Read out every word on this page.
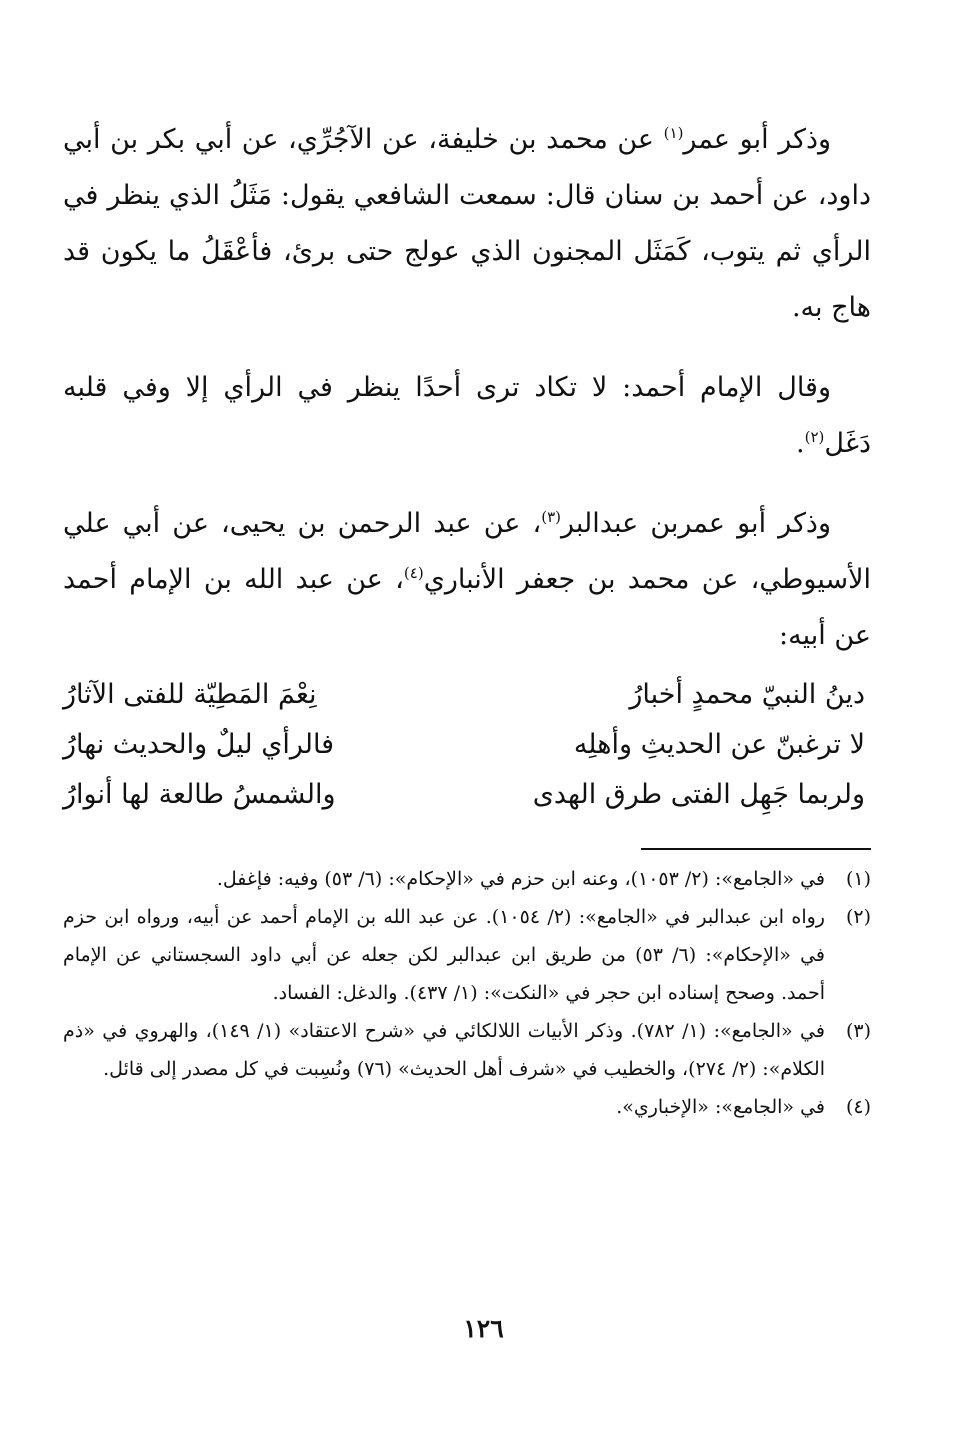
وذكر أبو عمر$^{(١)}$ عن محمد بن خليفة، عن الآجُرِّي، عن أبي بكر بن أبي داود، عن أحمد بن سنان قال: سمعت الشافعي يقول: مَثَلُ الذي ينظر في الرأي ثم يتوب، كَمَثَل المجنون الذي عولج حتى برئ، فأعْقَلُ ما يكون قد هاج به.

وقال الإمام أحمد: لا تكاد ترى أحدًا ينظر في الرأي إلا وفي قلبه دَغَل$^{(٢)}$.

وذكر أبو عمربن عبدالبر$^{(٣)}$، عن عبد الرحمن بن يحيى، عن أبي علي الأسيوطي، عن محمد بن جعفر الأنباري$^{(٤)}$، عن عبد الله بن الإمام أحمد عن أبيه:

دينُ النبيّ محمدٍ أخبارُ
نِعْمَ المَطِيّة للفتى الآثارُ
لا ترغبنّ عن الحديثِ وأهلِه
فالرأي ليلٌ والحديث نهارُ
ولربما جَهِل الفتى طرق الهدى
والشمسُ طالعة لها أنوارُ
(١)
في «الجامع»: (٢/ ١٠٥٣)، وعنه ابن حزم في «الإحكام»: (٦/ ٥٣) وفيه: فإغفل.
(٢)
رواه ابن عبدالبر في «الجامع»: (٢/ ١٠٥٤). عن عبد الله بن الإمام أحمد عن أبيه، ورواه ابن حزم في «الإحكام»: (٦/ ٥٣) من طريق ابن عبدالبر لكن جعله عن أبي داود السجستاني عن الإمام أحمد. وصحح إسناده ابن حجر في «النكت»: (١/ ٤٣٧). والدغل: الفساد.
(٣)
في «الجامع»: (١/ ٧٨٢). وذكر الأبيات اللالكائي في «شرح الاعتقاد» (١/ ١٤٩)، والهروي في «ذم الكلام»: (٢/ ٢٧٤)، والخطيب في «شرف أهل الحديث» (٧٦) ونُسِبت في كل مصدر إلى قائل.
(٤)
في «الجامع»: «الإخباري».
١٢٦
